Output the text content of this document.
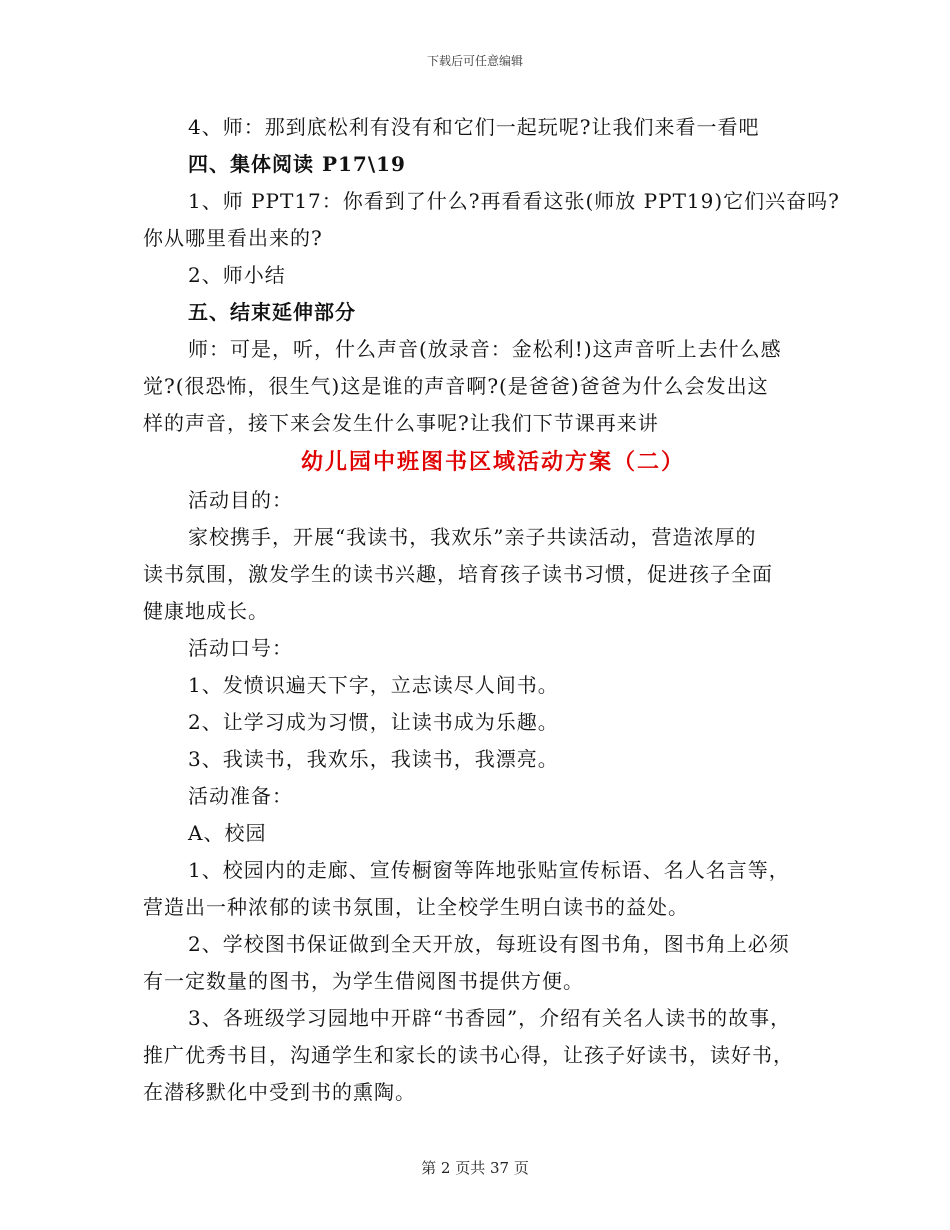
下载后可任意编辑
4、师：那到底松利有没有和它们一起玩呢?让我们来看一看吧
四、集体阅读 P17\19
1、师 PPT17：你看到了什么?再看看这张(师放 PPT19)它们兴奋吗?
你从哪里看出来的?
2、师小结
五、结束延伸部分
师：可是，听，什么声音(放录音：金松利!)这声音听上去什么感
觉?(很恐怖，很生气)这是谁的声音啊?(是爸爸)爸爸为什么会发出这
样的声音，接下来会发生什么事呢?让我们下节课再来讲
幼儿园中班图书区域活动方案（二）
活动目的：
家校携手，开展“我读书，我欢乐”亲子共读活动，营造浓厚的
读书氛围，激发学生的读书兴趣，培育孩子读书习惯，促进孩子全面
健康地成长。
活动口号：
1、发愤识遍天下字，立志读尽人间书。
2、让学习成为习惯，让读书成为乐趣。
3、我读书，我欢乐，我读书，我漂亮。
活动准备：
A、校园
1、校园内的走廊、宣传橱窗等阵地张贴宣传标语、名人名言等，
营造出一种浓郁的读书氛围，让全校学生明白读书的益处。
2、学校图书保证做到全天开放，每班设有图书角，图书角上必须
有一定数量的图书，为学生借阅图书提供方便。
3、各班级学习园地中开辟“书香园”，介绍有关名人读书的故事，
推广优秀书目，沟通学生和家长的读书心得，让孩子好读书，读好书，
在潜移默化中受到书的熏陶。
第 2 页共 37 页
